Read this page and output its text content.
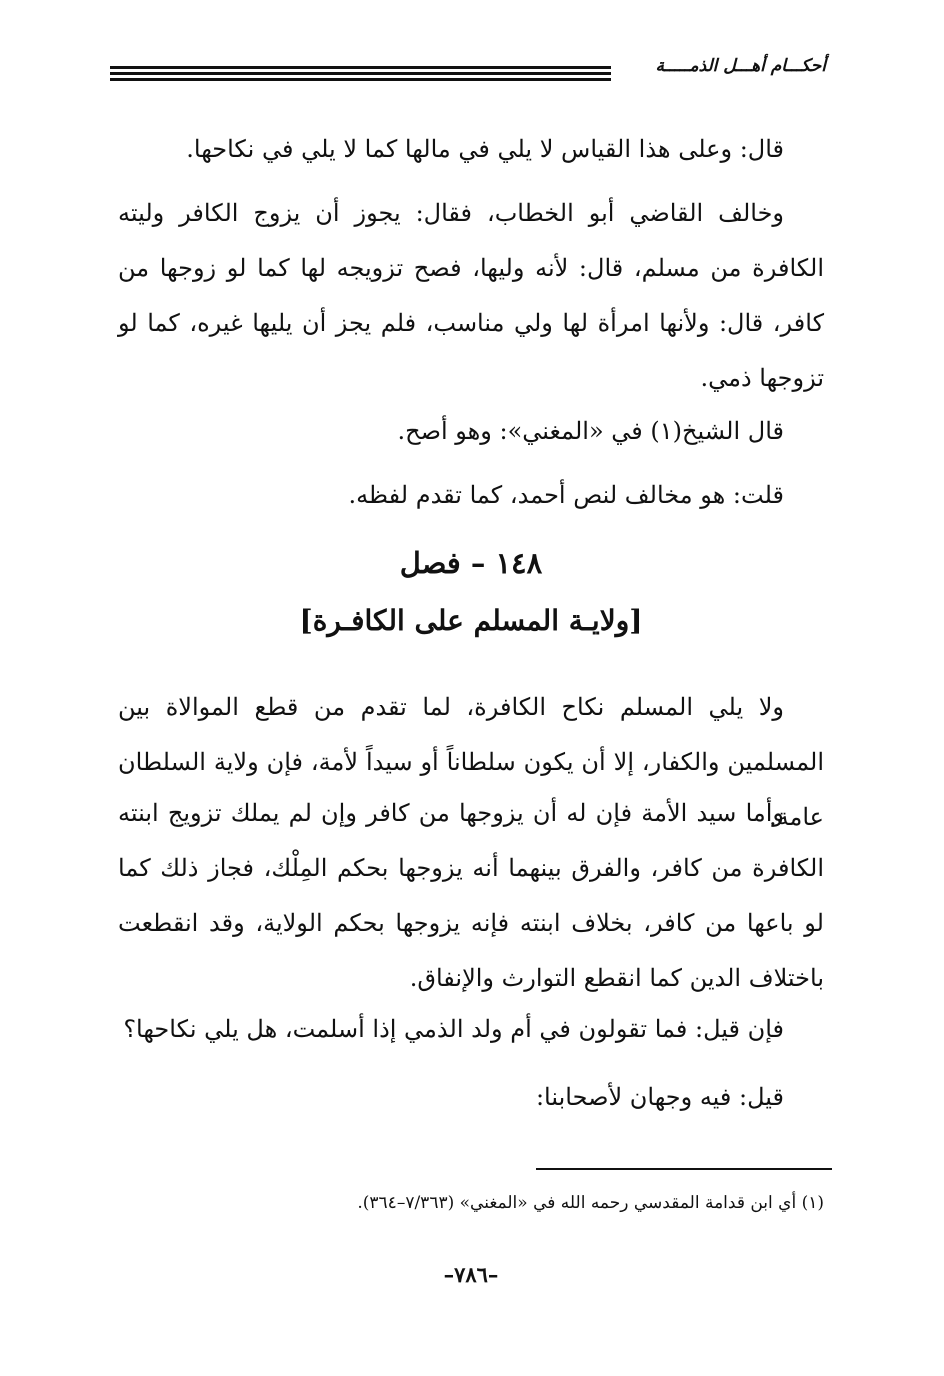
أحكـــام أهـــل الذمـــــة
قال: وعلى هذا القياس لا يلي في مالها كما لا يلي في نكاحها.
وخالف القاضي أبو الخطاب، فقال: يجوز أن يزوج الكافر وليته الكافرة من مسلم، قال: لأنه وليها، فصح تزويجه لها كما لو زوجها من كافر، قال: ولأنها امرأة لها ولي مناسب، فلم يجز أن يليها غيره، كما لو تزوجها ذمي.
قال الشيخ(١) في «المغني»: وهو أصح.
قلت: هو مخالف لنص أحمد، كما تقدم لفظه.
١٤٨ – فصل
[ولايـة المسلم على الكافـرة]
ولا يلي المسلم نكاح الكافرة، لما تقدم من قطع الموالاة بين المسلمين والكفار، إلا أن يكون سلطاناً أو سيداً لأمة، فإن ولاية السلطان عامة.
وأما سيد الأمة فإن له أن يزوجها من كافر وإن لم يملك تزويج ابنته الكافرة من كافر، والفرق بينهما أنه يزوجها بحكم المِلْك، فجاز ذلك كما لو باعها من كافر، بخلاف ابنته فإنه يزوجها بحكم الولاية، وقد انقطعت باختلاف الدين كما انقطع التوارث والإنفاق.
فإن قيل: فما تقولون في أم ولد الذمي إذا أسلمت، هل يلي نكاحها؟
قيل: فيه وجهان لأصحابنا:
(١) أي ابن قدامة المقدسي رحمه الله في «المغني» (٧/٣٦٣–٣٦٤).
–٧٨٦–
